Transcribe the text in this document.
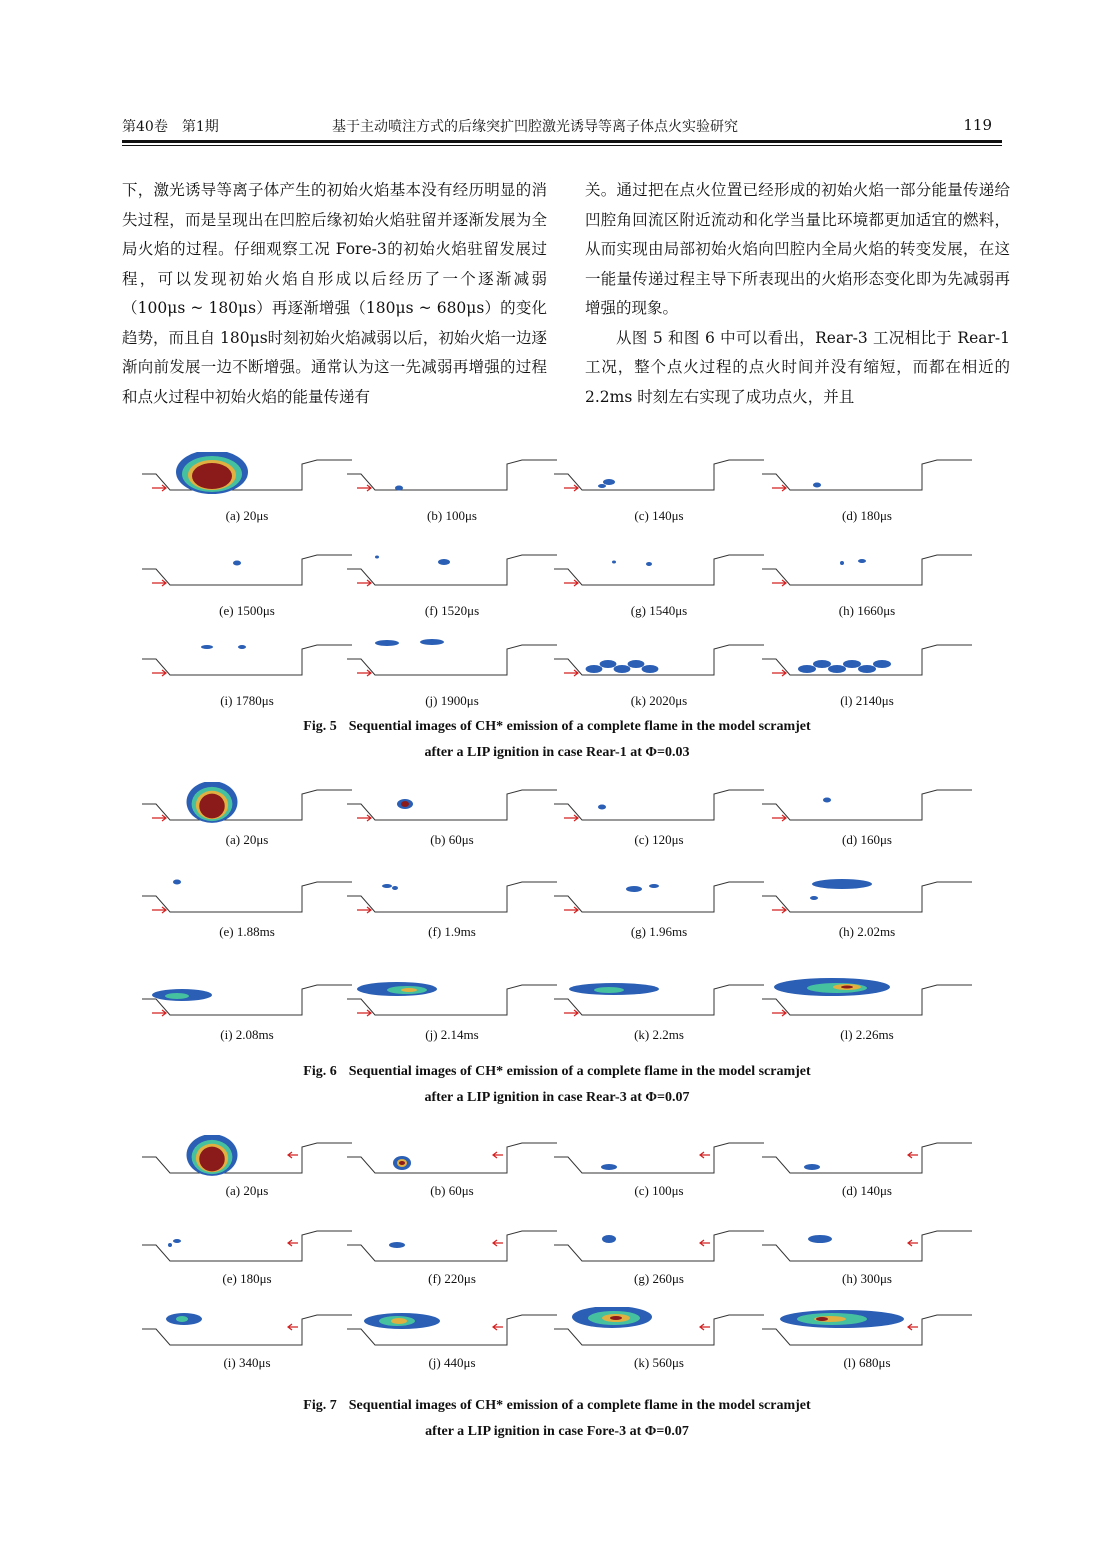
第40卷　第1期	基于主动喷注方式的后缘突扩凹腔激光诱导等离子体点火实验研究	119

下，激光诱导等离子体产生的初始火焰基本没有经历明显的消失过程，而是呈现出在凹腔后缘初始火焰驻留并逐渐发展为全局火焰的过程。仔细观察工况 Fore-3的初始火焰驻留发展过程，可以发现初始火焰自形成以后经历了一个逐渐减弱（100μs ~ 180μs）再逐渐增强（180μs ~ 680μs）的变化趋势，而且自 180μs时刻初始火焰减弱以后，初始火焰一边逐渐向前发展一边不断增强。通常认为这一先减弱再增强的过程和点火过程中初始火焰的能量传递有

关。通过把在点火位置已经形成的初始火焰一部分能量传递给凹腔角回流区附近流动和化学当量比环境都更加适宜的燃料，从而实现由局部初始火焰向凹腔内全局火焰的转变发展，在这一能量传递过程主导下所表现出的火焰形态变化即为先减弱再增强的现象。

从图 5 和图 6 中可以看出，Rear-3 工况相比于 Rear-1 工况，整个点火过程的点火时间并没有缩短，而都在相近的 2.2ms 时刻左右实现了成功点火，并且

(a) 20μs	(b) 100μs	(c) 140μs	(d) 180μs
(e) 1500μs	(f) 1520μs	(g) 1540μs	(h) 1660μs
(i) 1780μs	(j) 1900μs	(k) 2020μs	(l) 2140μs
Fig. 5 Sequential images of CH* emission of a complete flame in the model scramjet
after a LIP ignition in case Rear-1 at Φ=0.03
(a) 20μs	(b) 60μs	(c) 120μs	(d) 160μs
(e) 1.88ms	(f) 1.9ms	(g) 1.96ms	(h) 2.02ms
(i) 2.08ms	(j) 2.14ms	(k) 2.2ms	(l) 2.26ms
Fig. 6 Sequential images of CH* emission of a complete flame in the model scramjet
after a LIP ignition in case Rear-3 at Φ=0.07
(a) 20μs	(b) 60μs	(c) 100μs	(d) 140μs
(e) 180μs	(f) 220μs	(g) 260μs	(h) 300μs
(i) 340μs	(j) 440μs	(k) 560μs	(l) 680μs
Fig. 7 Sequential images of CH* emission of a complete flame in the model scramjet
after a LIP ignition in case Fore-3 at Φ=0.07
